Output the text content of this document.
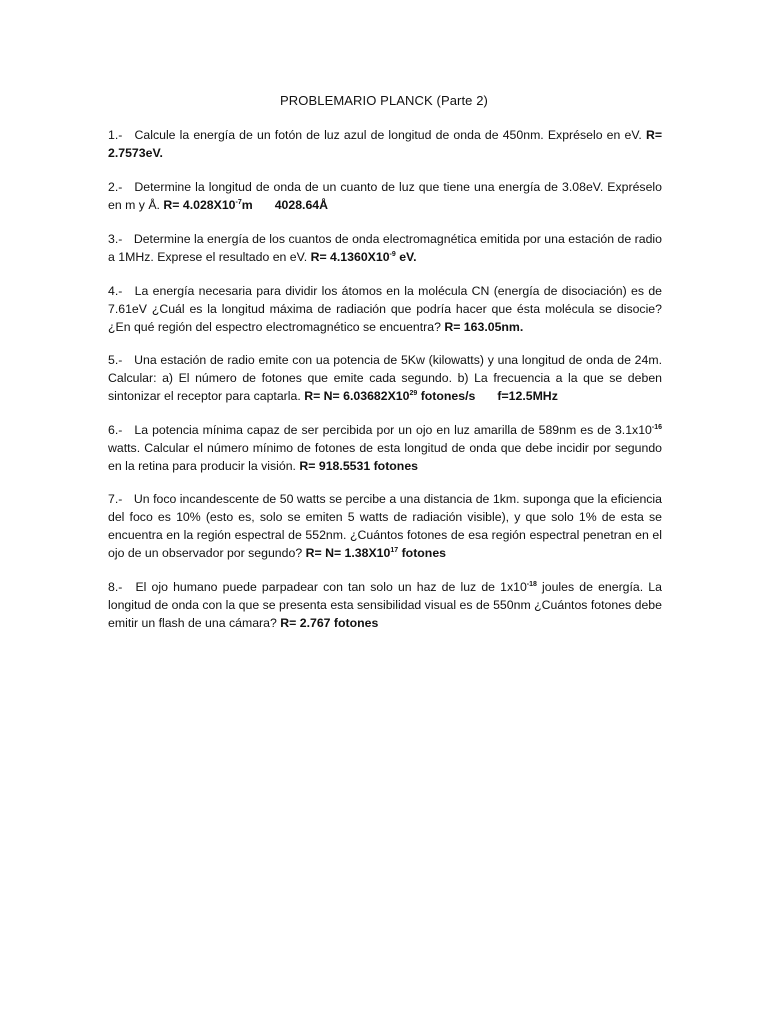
PROBLEMARIO PLANCK (Parte 2)
1.- Calcule la energía de un fotón de luz azul de longitud de onda de 450nm. Expréselo en eV. R= 2.7573eV.
2.- Determine la longitud de onda de un cuanto de luz que tiene una energía de 3.08eV. Expréselo en m y Å. $R= 4.028X10^{-7}m$ 4028.64Å
3.- Determine la energía de los cuantos de onda electromagnética emitida por una estación de radio a 1MHz. Exprese el resultado en eV. $R= 4.1360X10^{-9}$ eV.
4.- La energía necesaria para dividir los átomos en la molécula CN (energía de disociación) es de 7.61eV ¿Cuál es la longitud máxima de radiación que podría hacer que ésta molécula se disocie? ¿En qué región del espectro electromagnético se encuentra? R= 163.05nm.
5.- Una estación de radio emite con ua potencia de 5Kw (kilowatts) y una longitud de onda de 24m. Calcular: a) El número de fotones que emite cada segundo. b) La frecuencia a la que se deben sintonizar el receptor para captarla. $R= N= 6.03682X10^{29}$ fotones/s f=12.5MHz
6.- La potencia mínima capaz de ser percibida por un ojo en luz amarilla de 589nm es de $3.1x10^{-16}$ watts. Calcular el número mínimo de fotones de esta longitud de onda que debe incidir por segundo en la retina para producir la visión. R= 918.5531 fotones
7.- Un foco incandescente de 50 watts se percibe a una distancia de 1km. suponga que la eficiencia del foco es 10% (esto es, solo se emiten 5 watts de radiación visible), y que solo 1% de esta se encuentra en la región espectral de 552nm. ¿Cuántos fotones de esa región espectral penetran en el ojo de un observador por segundo? $R= N= 1.38X10^{17}$ fotones
8.- El ojo humano puede parpadear con tan solo un haz de luz de $1x10^{-18}$ joules de energía. La longitud de onda con la que se presenta esta sensibilidad visual es de 550nm ¿Cuántos fotones debe emitir un flash de una cámara? R= 2.767 fotones
